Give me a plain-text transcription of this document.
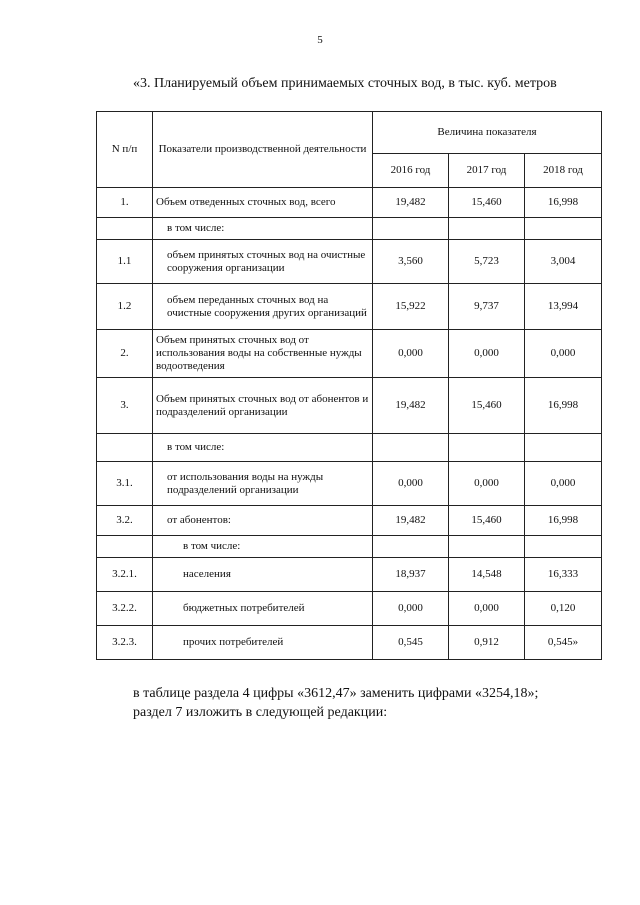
5
«3. Планируемый объем принимаемых сточных вод, в тыс. куб. метров
N п/п	Показатели производственной деятельности	Величина показателя		
		2016 год	2017 год	2018 год
1.	Объем отведенных сточных вод, всего	19,482	15,460	16,998
	в том числе:			
1.1	объем принятых сточных вод на очистные сооружения организации	3,560	5,723	3,004
1.2	объем переданных сточных вод на очистные сооружения других организаций	15,922	9,737	13,994
2.	Объем принятых сточных вод от использования воды на собственные нужды водоотведения	0,000	0,000	0,000
3.	Объем принятых сточных вод от абонентов и подразделений организации	19,482	15,460	16,998
	в том числе:			
3.1.	от использования воды на нужды подразделений организации	0,000	0,000	0,000
3.2.	от абонентов:	19,482	15,460	16,998
	в том числе:			
3.2.1.	населения	18,937	14,548	16,333
3.2.2.	бюджетных потребителей	0,000	0,000	0,120
3.2.3.	прочих потребителей	0,545	0,912	0,545»

в таблице раздела 4 цифры «3612,47» заменить цифрами «3254,18»;

раздел 7 изложить в следующей редакции:
